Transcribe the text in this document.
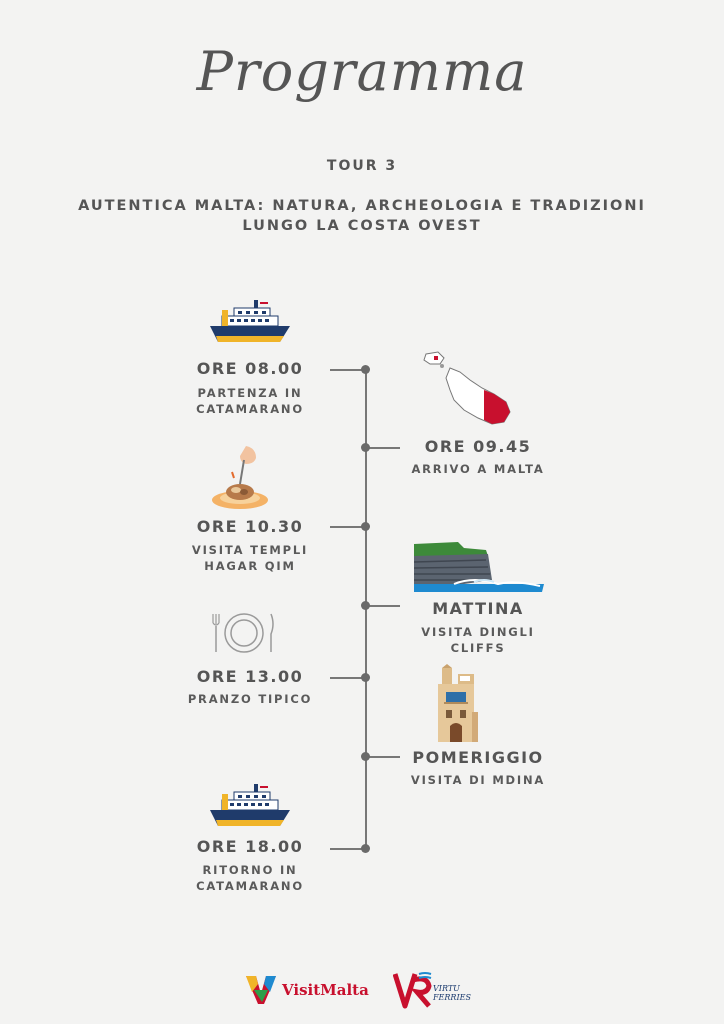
Programma
TOUR 3
AUTENTICA MALTA: NATURA, ARCHEOLOGIA E TRADIZIONI
LUNGO LA COSTA OVEST
ORE 08.00
PARTENZA IN
CATAMARANO
ORE 09.45
ARRIVO A MALTA
ORE 10.30
VISITA TEMPLI
HAGAR QIM
MATTINA
VISITA DINGLI
CLIFFS
ORE 13.00
PRANZO TIPICO
POMERIGGIO
VISITA DI MDINA
ORE 18.00
RITORNO IN
CATAMARANO
VisitMalta	VIRTU
FERRIES
